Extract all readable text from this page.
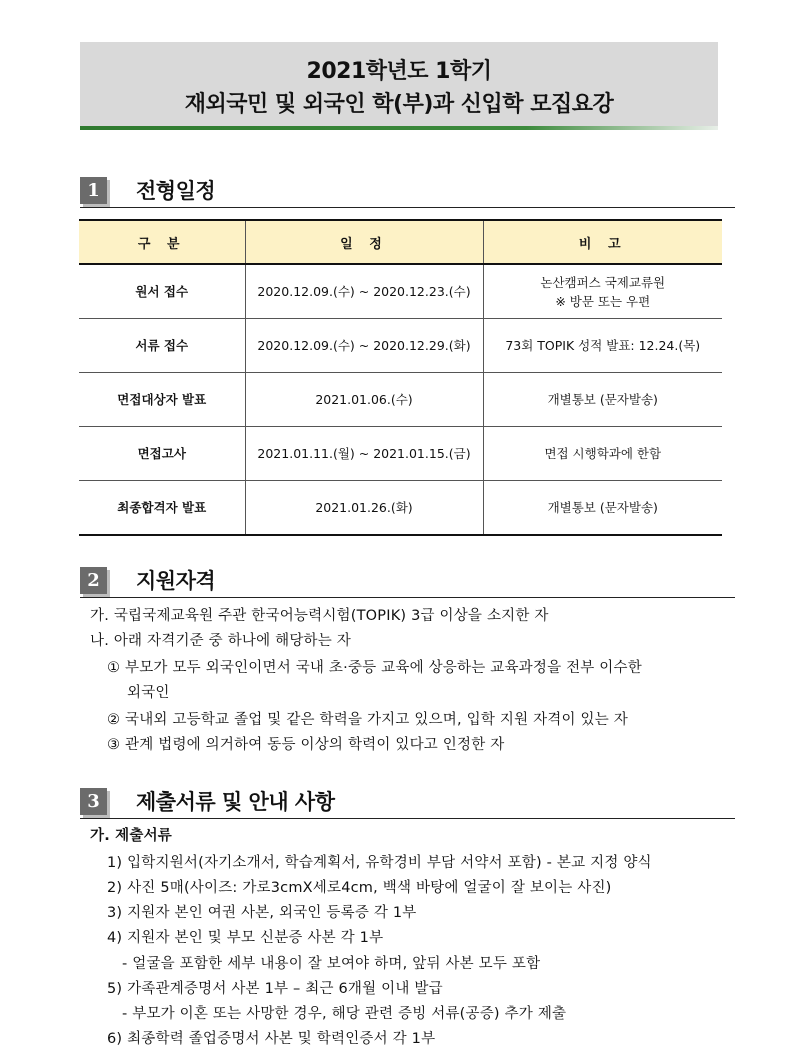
2021학년도 1학기
재외국민 및 외국인 학(부)과 신입학 모집요강
1	전형일정
구 분	일 정	비 고
원서 접수	2020.12.09.(수) ~ 2020.12.23.(수)	논산캠퍼스 국제교류원
※ 방문 또는 우편

서류 접수	2020.12.09.(수) ~ 2020.12.29.(화)	73회 TOPIK 성적 발표: 12.24.(목)
면접대상자 발표	2021.01.06.(수)	개별통보 (문자발송)
면접고사	2021.01.11.(월) ~ 2021.01.15.(금)	면접 시행학과에 한함
최종합격자 발표	2021.01.26.(화)	개별통보 (문자발송)
2	지원자격
가. 국립국제교육원 주관 한국어능력시험(TOPIK) 3급 이상을 소지한 자
나. 아래 자격기준 중 하나에 해당하는 자
① 부모가 모두 외국인이면서 국내 초·중등 교육에 상응하는 교육과정을 전부 이수한
외국인
② 국내외 고등학교 졸업 및 같은 학력을 가지고 있으며, 입학 지원 자격이 있는 자
③ 관계 법령에 의거하여 동등 이상의 학력이 있다고 인정한 자
3	제출서류 및 안내 사항
가. 제출서류
1) 입학지원서(자기소개서, 학습계획서, 유학경비 부담 서약서 포함) - 본교 지정 양식
2) 사진 5매(사이즈: 가로3cmX세로4cm, 백색 바탕에 얼굴이 잘 보이는 사진)
3) 지원자 본인 여권 사본, 외국인 등록증 각 1부
4) 지원자 본인 및 부모 신분증 사본 각 1부
- 얼굴을 포함한 세부 내용이 잘 보여야 하며, 앞뒤 사본 모두 포함
5) 가족관계증명서 사본 1부 – 최근 6개월 이내 발급
- 부모가 이혼 또는 사망한 경우, 해당 관련 증빙 서류(공증) 추가 제출
6) 최종학력 졸업증명서 사본 및 학력인증서 각 1부
